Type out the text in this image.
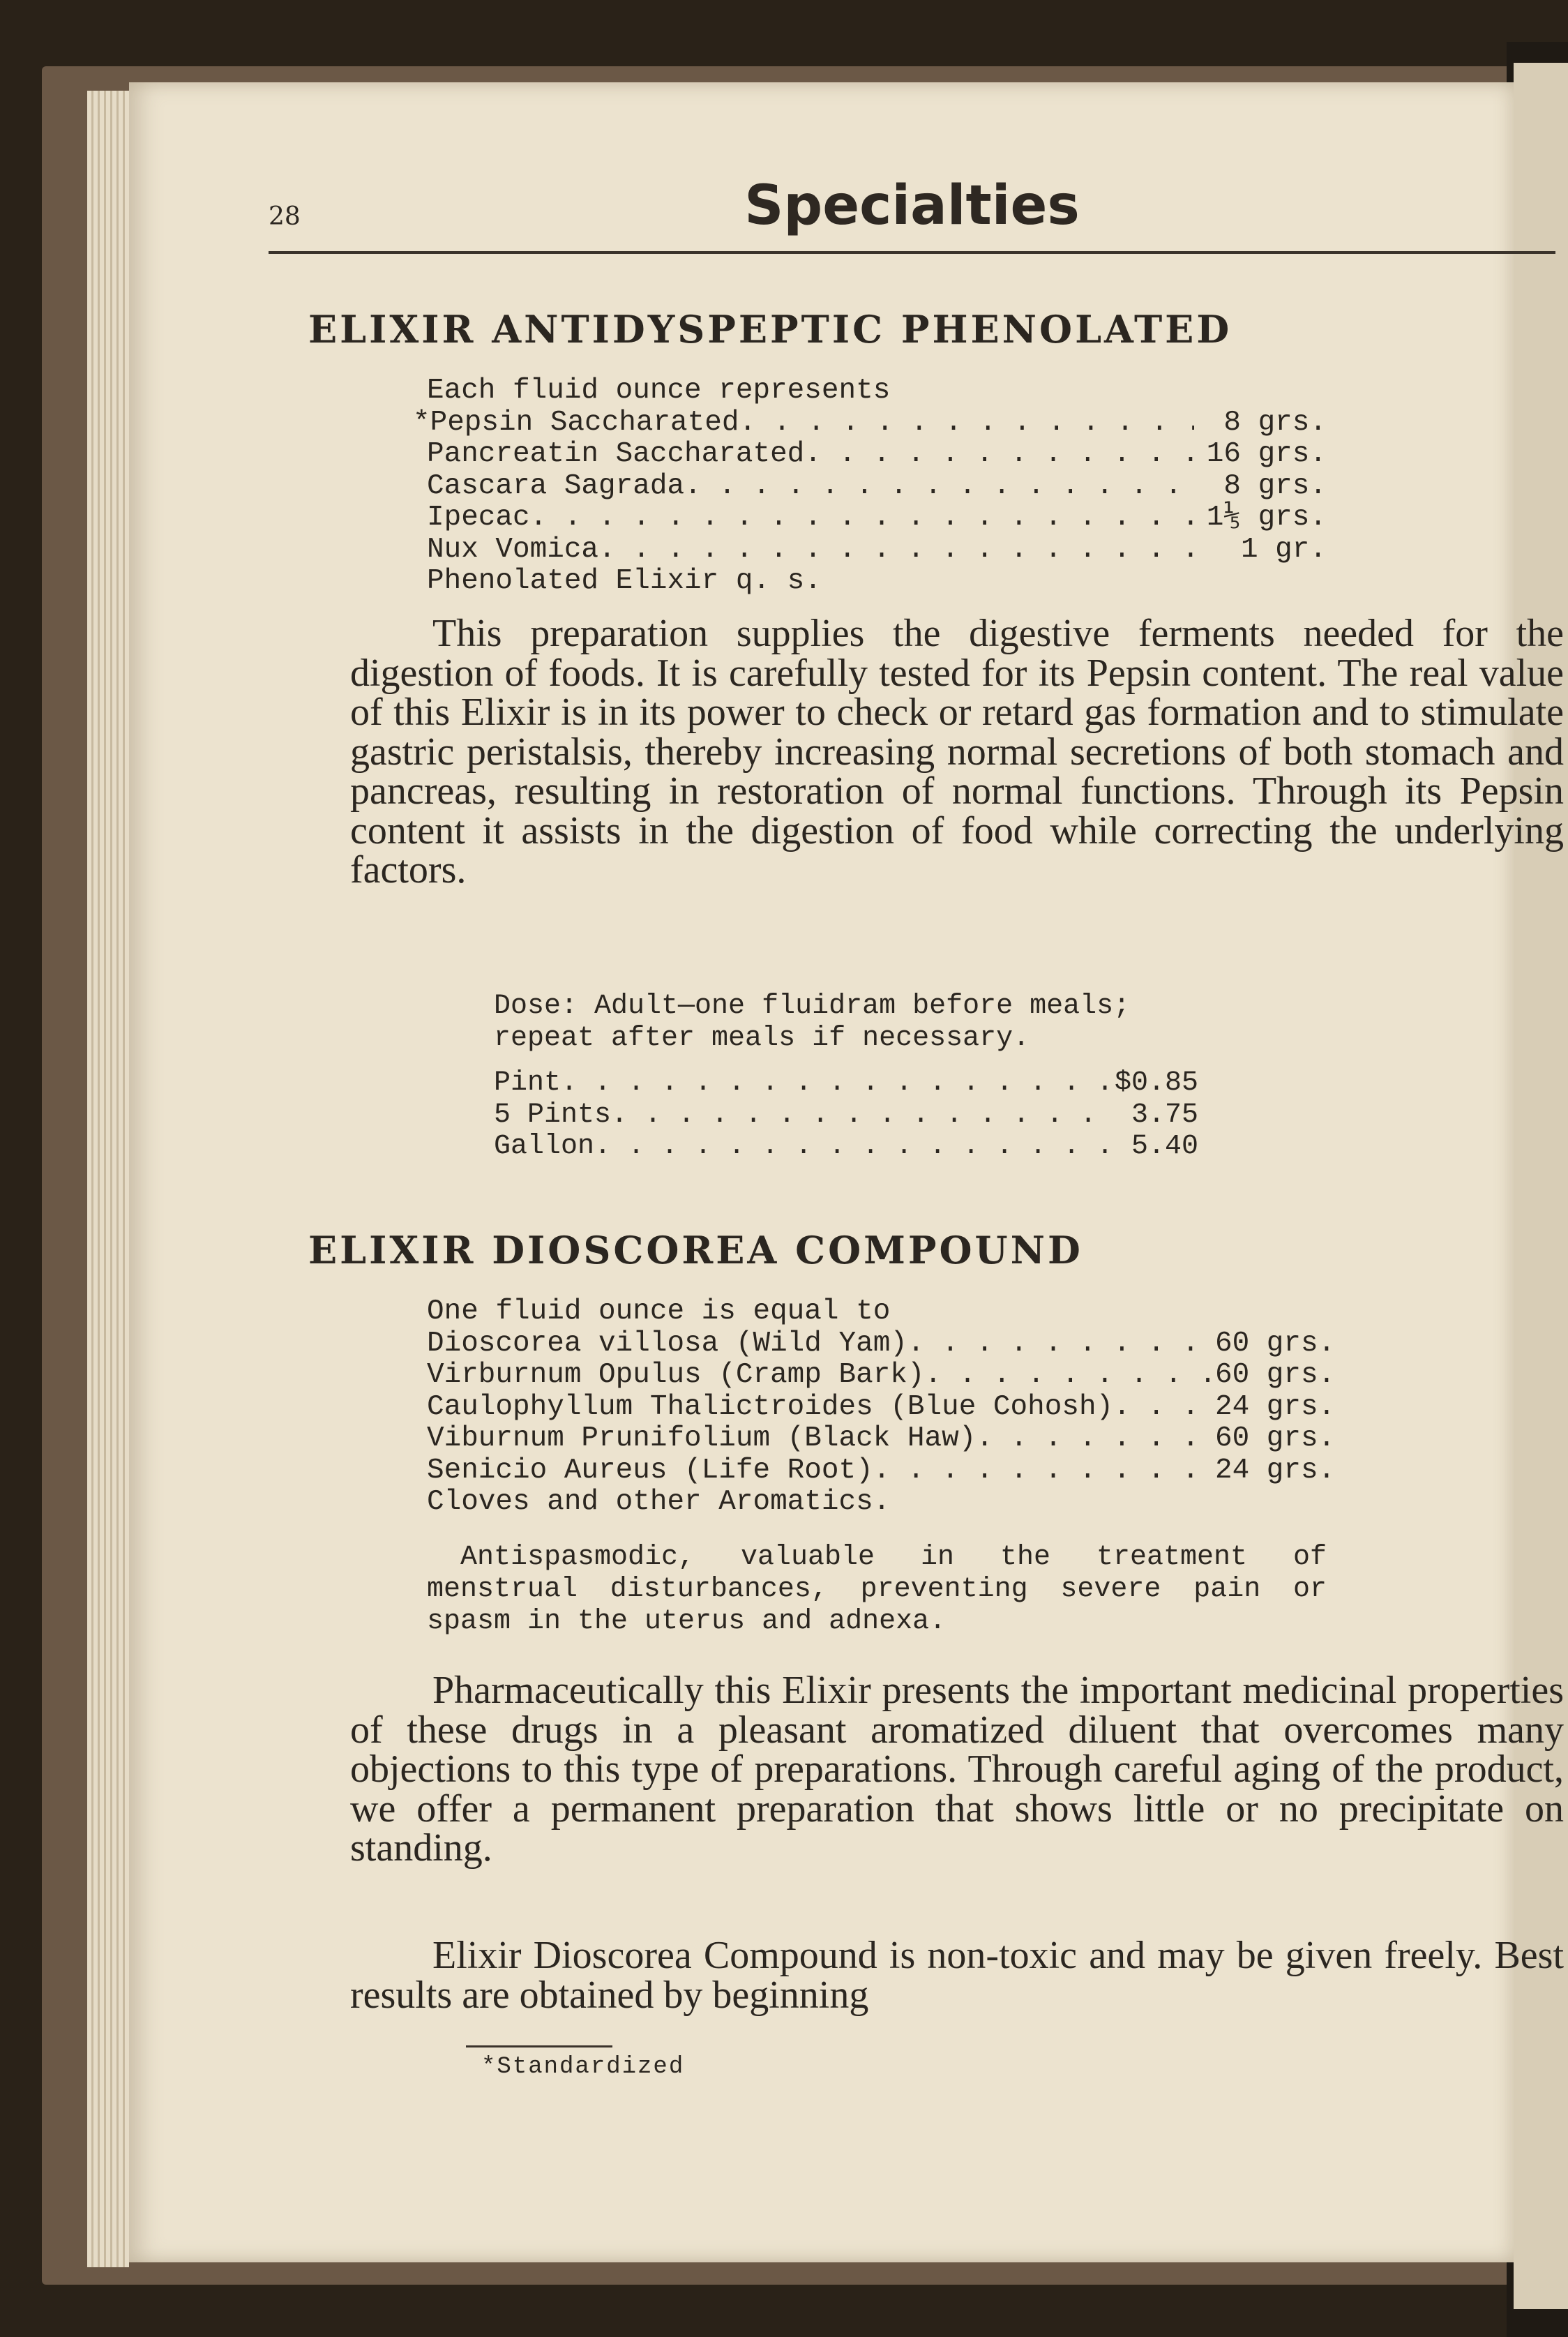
28	Specialties
ELIXIR ANTIDYSPEPTIC PHENOLATED
Each fluid ounce represents
*Pepsin Saccharated . . .	8 grs.
Pancreatin Saccharated . . .	16 grs.
Cascara Sagrada . . .	8 grs.
Ipecac . . .	1⅕ grs.
Nux Vomica . . .	1 gr.
Phenolated Elixir q. s.
This preparation supplies the digestive ferments needed for the digestion of foods. It is carefully tested for its Pepsin content. The real value of this Elixir is in its power to check or retard gas formation and to stimulate gastric peristalsis, thereby increasing normal secretions of both stomach and pancreas, resulting in restoration of normal functions. Through its Pepsin content it assists in the digestion of food while correcting the underlying factors.
Dose: Adult—one fluidram before meals; repeat after meals if necessary.
Pint . . .	$0.85
5 Pints . . .	3.75
Gallon . . .	5.40
ELIXIR DIOSCOREA COMPOUND
One fluid ounce is equal to
Dioscorea villosa (Wild Yam) . . .	60 grs.
Virburnum Opulus (Cramp Bark) . . .	60 grs.
Caulophyllum Thalictroides (Blue Cohosh) . . .	24 grs.
Viburnum Prunifolium (Black Haw) . . .	60 grs.
Senicio Aureus (Life Root) . . .	24 grs.
Cloves and other Aromatics.
Antispasmodic, valuable in the treatment of menstrual disturbances, preventing severe pain or spasm in the uterus and adnexa.
Pharmaceutically this Elixir presents the important medicinal properties of these drugs in a pleasant aromatized diluent that overcomes many objections to this type of preparations. Through careful aging of the product, we offer a permanent preparation that shows little or no precipitate on standing.
Elixir Dioscorea Compound is non-toxic and may be given freely. Best results are obtained by beginning
*Standardized
